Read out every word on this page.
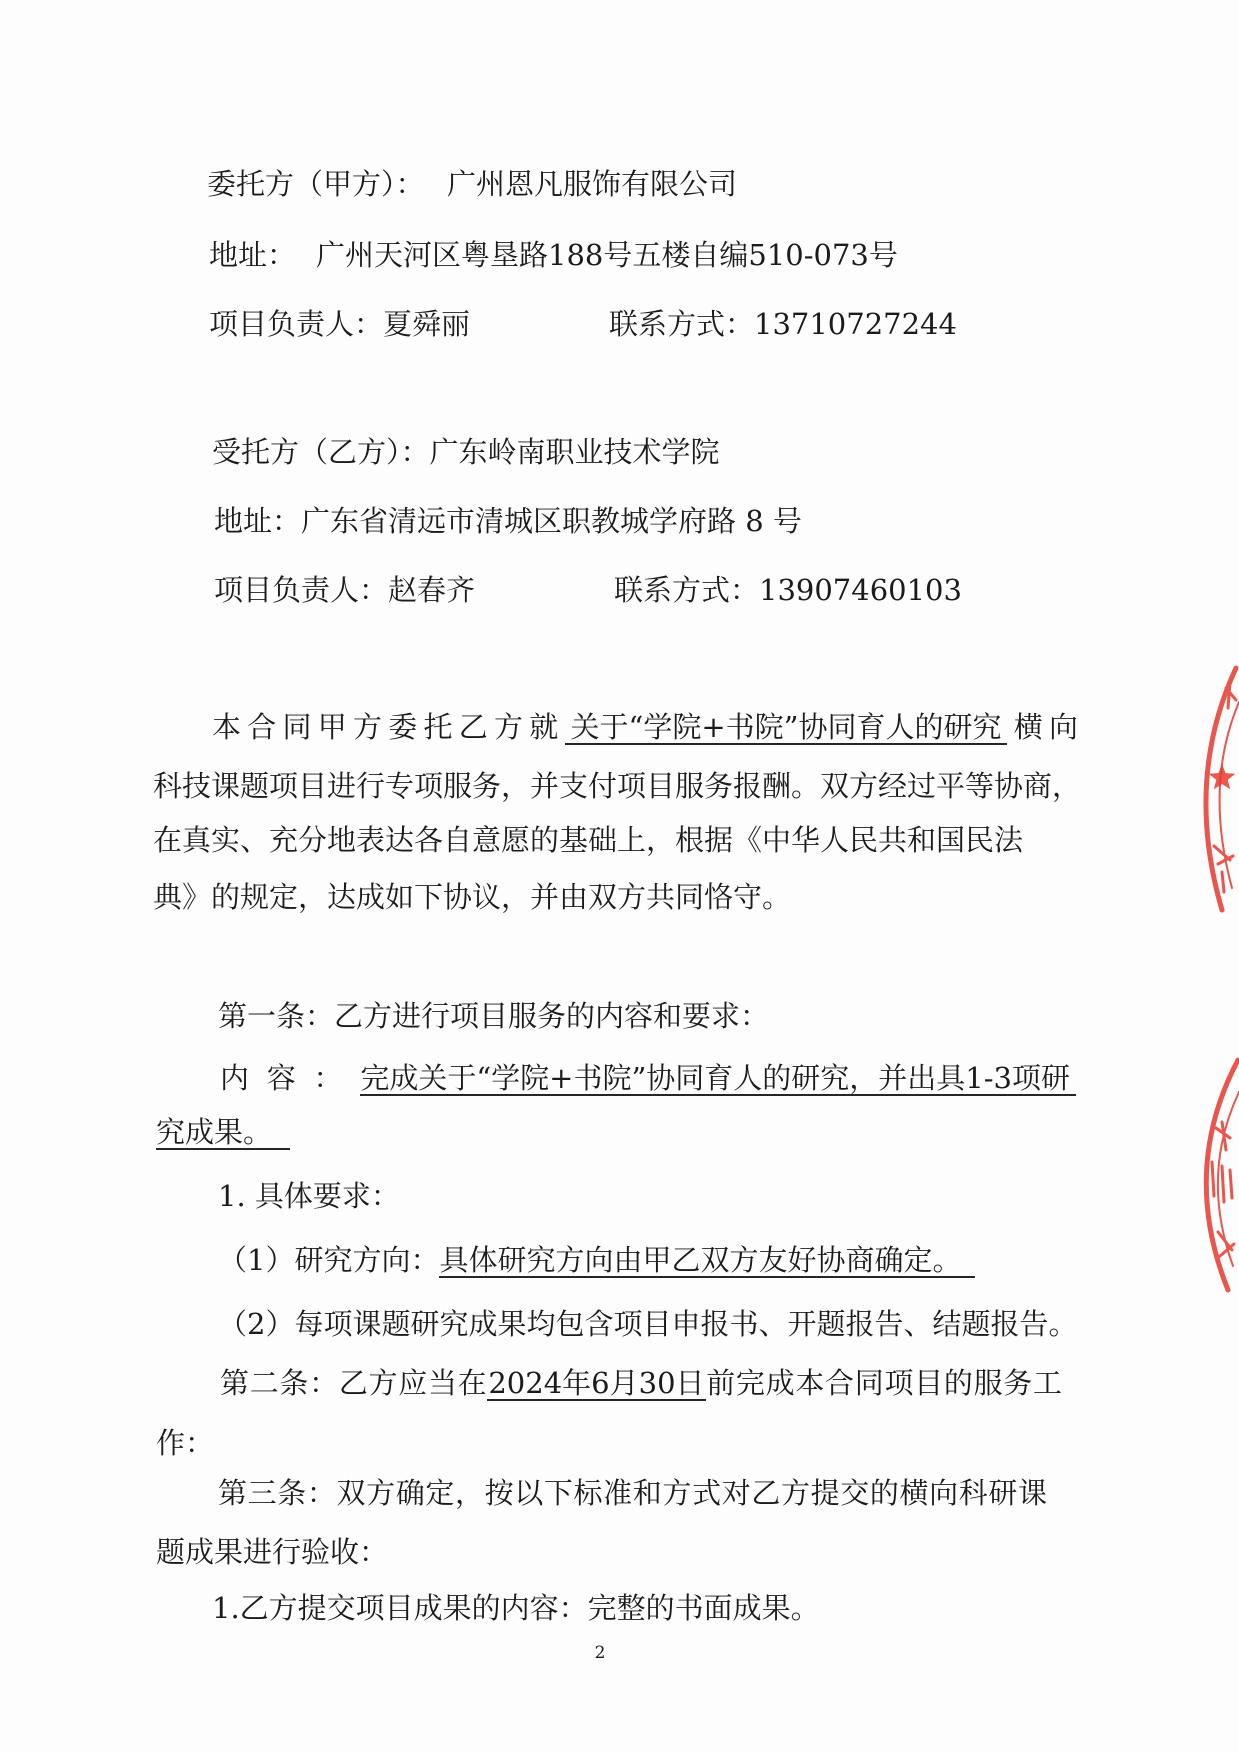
委托方（甲方）： 广州恩凡服饰有限公司
地址： 广州天河区粤垦路188号五楼自编510-073号
项目负责人：夏舜丽	联系方式：13710727244
受托方（乙方）：广东岭南职业技术学院
地址：广东省清远市清城区职教城学府路 8 号
项目负责人：赵春齐	联系方式：13907460103
本合同甲方委托乙方就 关于“学院+书院”协同育人的研究 横向
科技课题项目进行专项服务，并支付项目服务报酬。双方经过平等协商，
在真实、充分地表达各自意愿的基础上，根据《中华人民共和国民法
典》的规定，达成如下协议，并由双方共同恪守。
第一条：乙方进行项目服务的内容和要求：
内容：完成关于“学院+书院”协同育人的研究，并出具1-3项研
究成果。
1. 具体要求：
（1）研究方向：具体研究方向由甲乙双方友好协商确定。
（2）每项课题研究成果均包含项目申报书、开题报告、结题报告。
第二条：乙方应当在2024年6月30日前完成本合同项目的服务工
作：
第三条：双方确定，按以下标准和方式对乙方提交的横向科研课
题成果进行验收：
1.乙方提交项目成果的内容：完整的书面成果。
2
